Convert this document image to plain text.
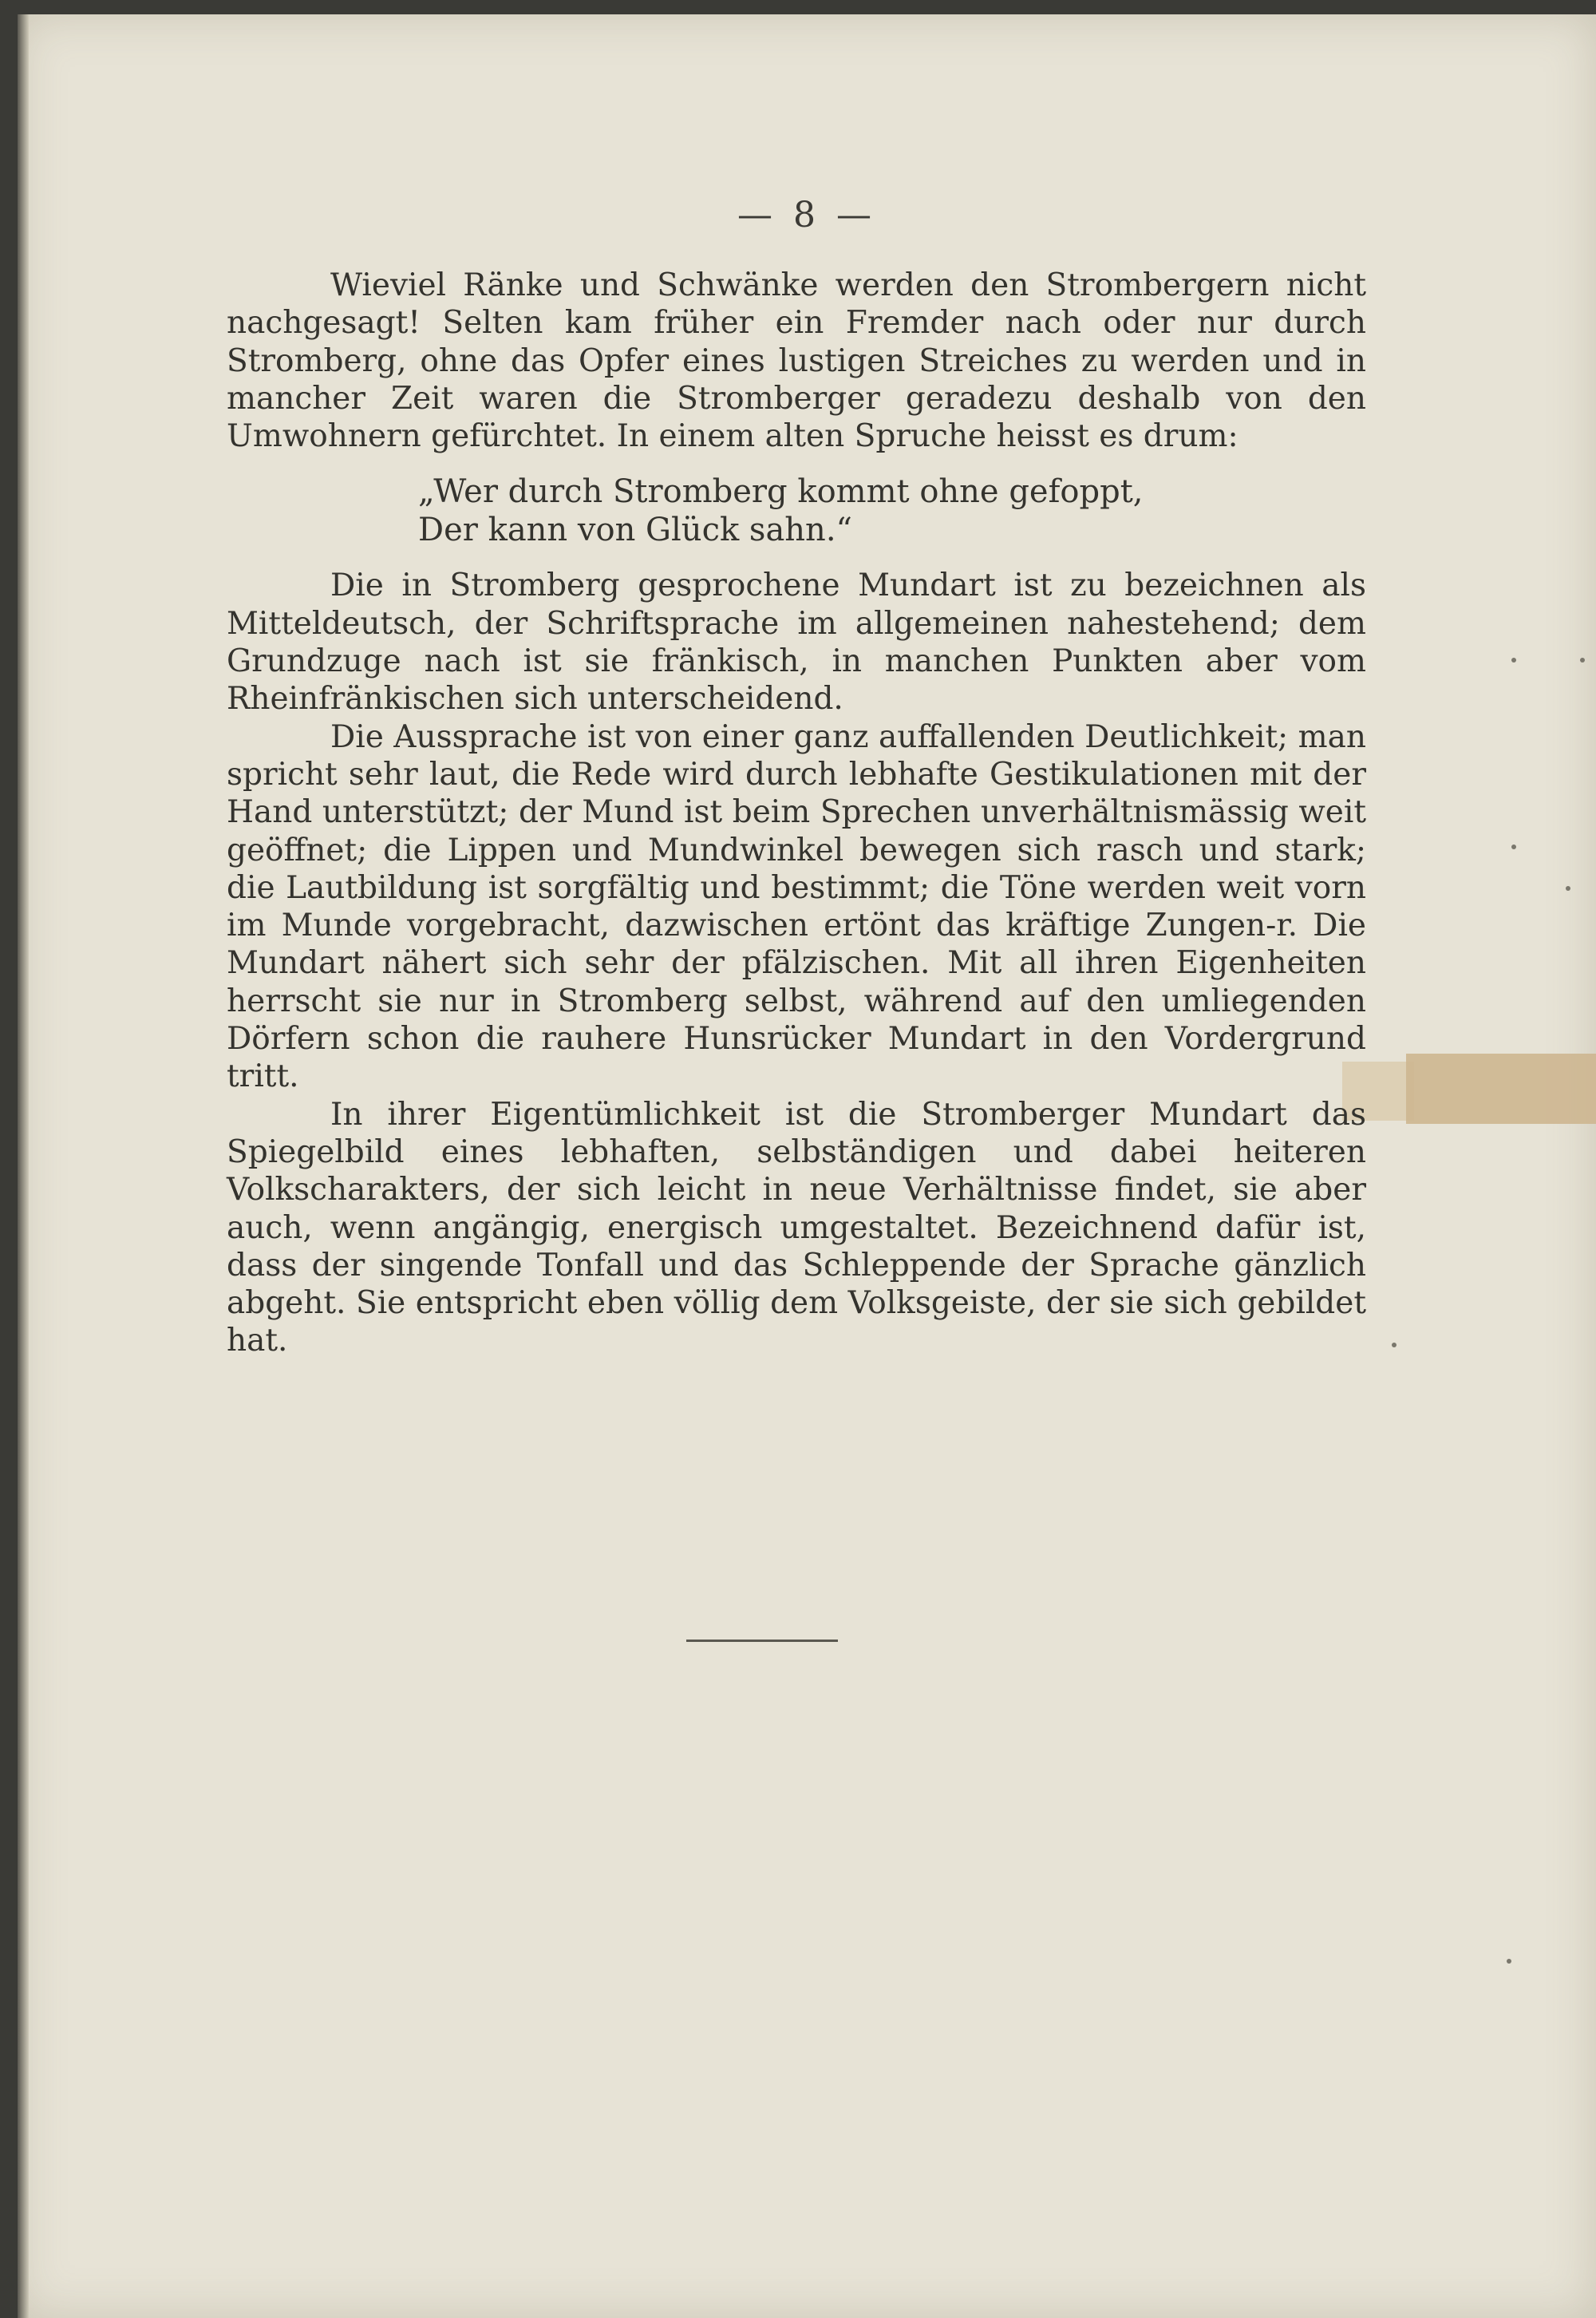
— 8 —

Wieviel Ränke und Schwänke werden den Strombergern nicht nachgesagt! Selten kam früher ein Fremder nach oder nur durch Stromberg, ohne das Opfer eines lustigen Streiches zu werden und in mancher Zeit waren die Stromberger geradezu deshalb von den Umwohnern gefürchtet. In einem alten Spruche heisst es drum:

„Wer durch Stromberg kommt ohne gefoppt,
Der kann von Glück sahn.“

Die in Stromberg gesprochene Mundart ist zu bezeichnen als Mitteldeutsch, der Schriftsprache im allgemeinen nahestehend; dem Grundzuge nach ist sie fränkisch, in manchen Punkten aber vom Rheinfränkischen sich unterscheidend.

Die Aussprache ist von einer ganz auffallenden Deutlichkeit; man spricht sehr laut, die Rede wird durch lebhafte Gestikulationen mit der Hand unterstützt; der Mund ist beim Sprechen unverhältnismässig weit geöffnet; die Lippen und Mundwinkel bewegen sich rasch und stark; die Lautbildung ist sorgfältig und bestimmt; die Töne werden weit vorn im Munde vorgebracht, dazwischen ertönt das kräftige Zungen-r. Die Mundart nähert sich sehr der pfälzischen. Mit all ihren Eigenheiten herrscht sie nur in Stromberg selbst, während auf den umliegenden Dörfern schon die rauhere Hunsrücker Mundart in den Vordergrund tritt.

In ihrer Eigentümlichkeit ist die Stromberger Mundart das Spiegelbild eines lebhaften, selbständigen und dabei heiteren Volkscharakters, der sich leicht in neue Verhältnisse findet, sie aber auch, wenn angängig, energisch umgestaltet. Bezeichnend dafür ist, dass der singende Tonfall und das Schleppende der Sprache gänzlich abgeht. Sie entspricht eben völlig dem Volksgeiste, der sie sich gebildet hat.
